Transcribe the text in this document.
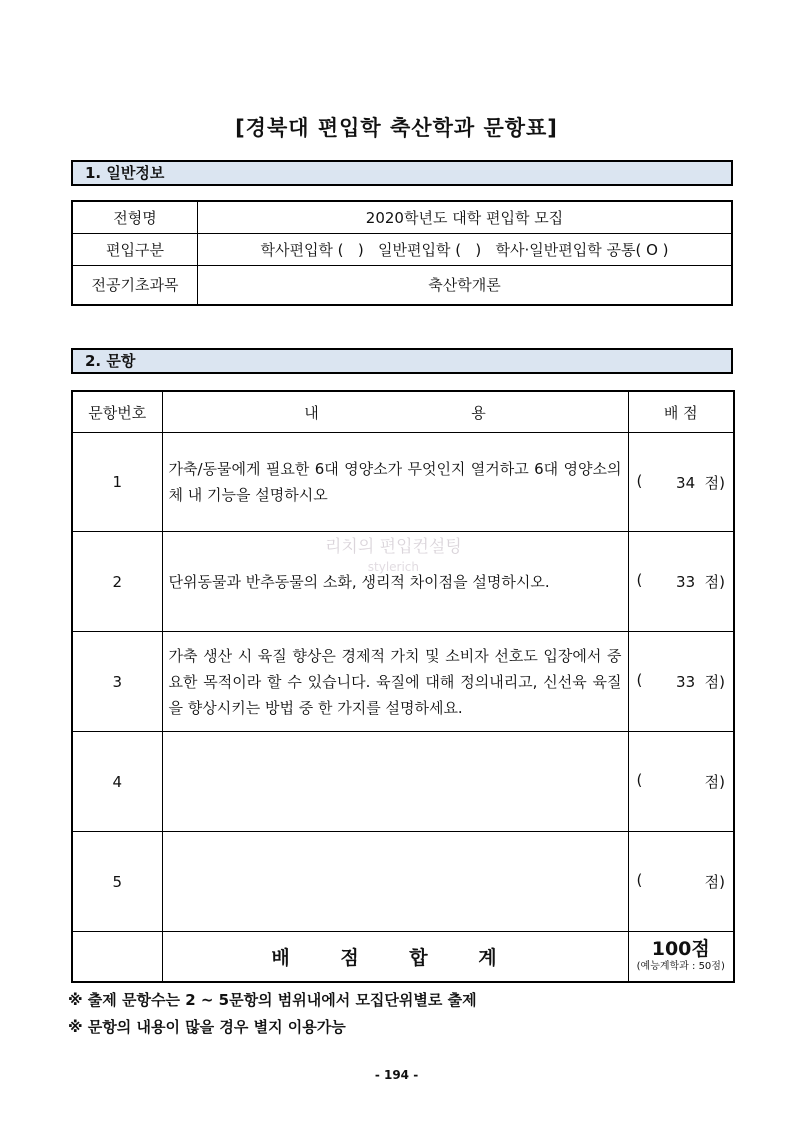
[경북대 편입학 축산학과 문항표]
1. 일반정보
전형명	2020학년도 대학 편입학 모집
편입구분	학사편입학 (   )   일반편입학 (   )   학사·일반편입학 공통( O )
전공기초과목	축산학개론
2. 문항
문항번호	내                                용	배 점
1	가축/동물에게 필요한 6대 영양소가 무엇인지 열거하고 6대 영양소의 체 내 기능을 설명하시오	( 34  점)

2	단위동물과 반추동물의 소화, 생리적 차이점을 설명하시오.	( 33  점)

3	가축 생산 시 육질 향상은 경제적 가치 및 소비자 선호도 입장에서 중요한 목적이라 할 수 있습니다. 육질에 대해 정의내리고, 신선육 육질을 향상시키는 방법 중 한 가지를 설명하세요.	( 33  점)

4		( 점)

5		( 점)

	배 점 합 계	100점
(예능계학과 : 50점)
리치의 편입컨설팅
stylerich
※ 출제 문항수는 2 ~ 5문항의 범위내에서 모집단위별로 출제
※ 문항의 내용이 많을 경우 별지 이용가능
- 194 -
